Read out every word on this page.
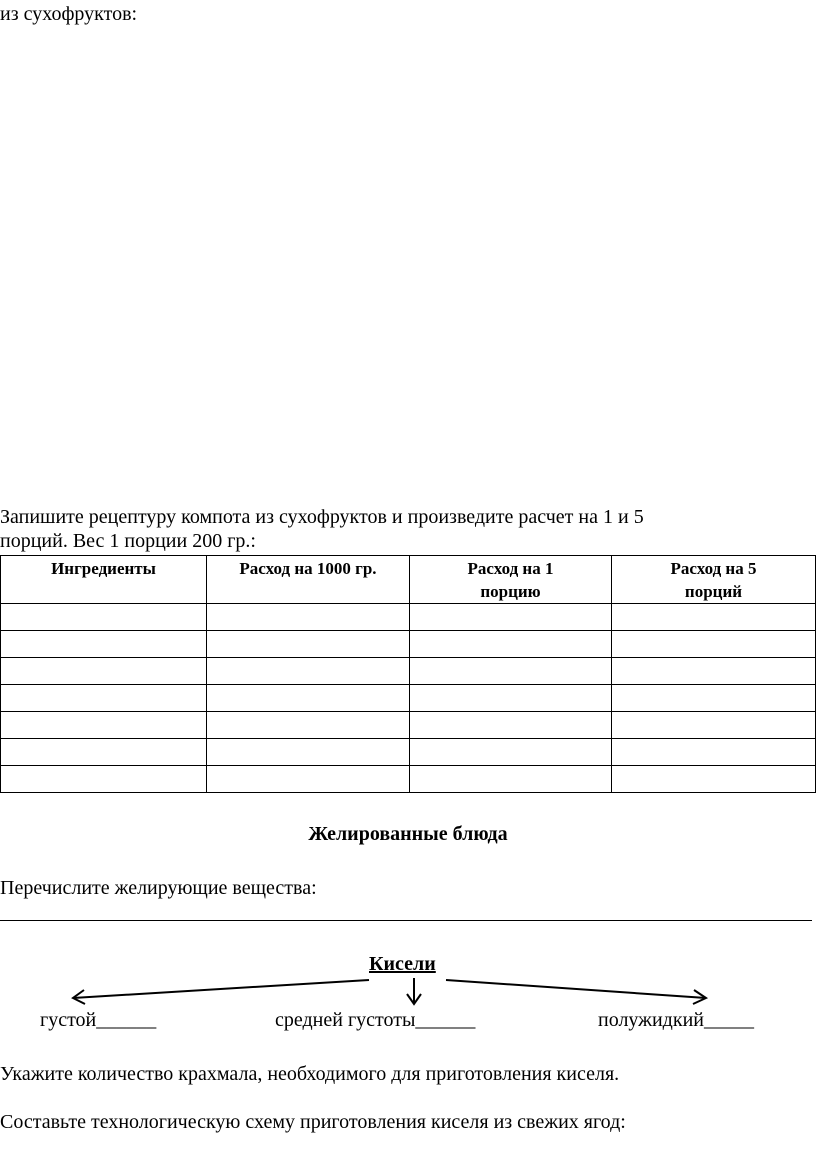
из сухофруктов:
Запишите рецептуру компота из сухофруктов и произведите расчет на 1 и 5
порций. Вес 1 порции 200 гр.:
Ингредиенты	Расход на 1000 гр.	Расход на 1 порцию	Расход на 5 порций

Желированные блюда
Перечислите желирующие вещества:
Кисели
густой______	средней густоты______	полужидкий_____
Укажите количество крахмала, необходимого для приготовления киселя.
Составьте технологическую схему приготовления киселя из свежих ягод:
